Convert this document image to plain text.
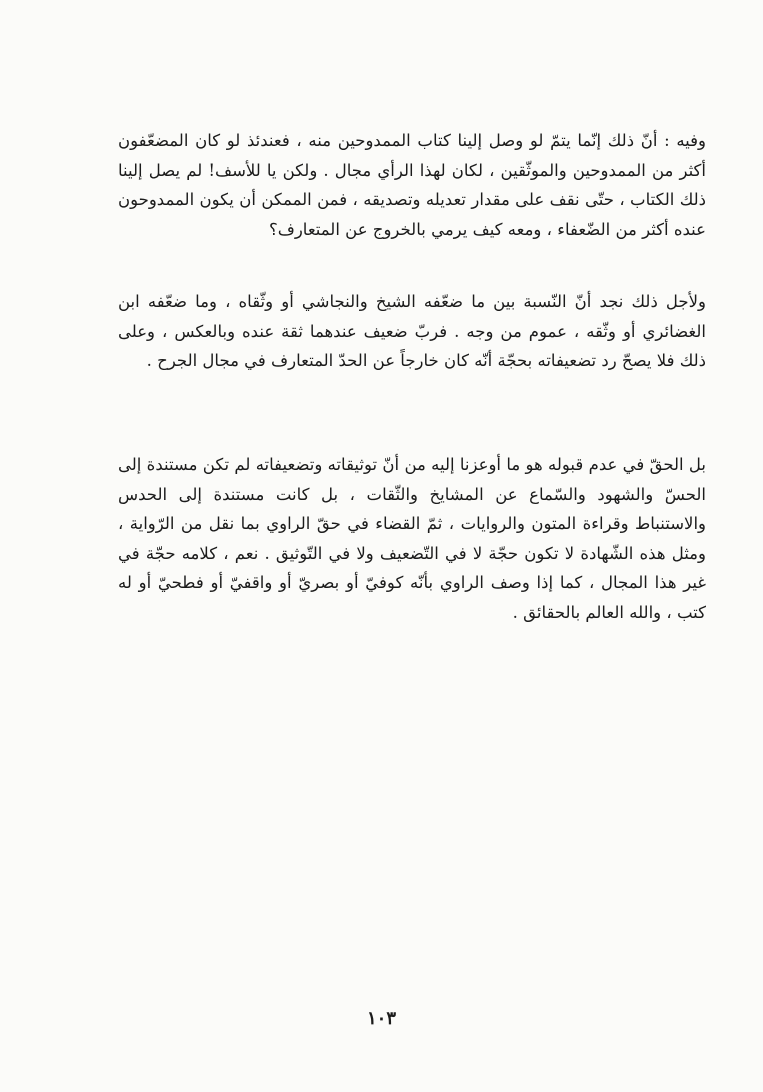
وفيه : أنّ ذلك إنّما يتمّ لو وصل إلينا كتاب الممدوحين منه ، فعندئذ لو كان المضعّفون أكثر من الممدوحين والموثّقين ، لكان لهذا الرأي مجال . ولكن يا للأسف! لم يصل إلينا ذلك الكتاب ، حتّى نقف على مقدار تعديله وتصديقه ، فمن الممكن أن يكون الممدوحون عنده أكثر من الضّعفاء ، ومعه كيف يرمي بالخروج عن المتعارف؟

ولأجل ذلك نجد أنّ النّسبة بين ما ضعّفه الشيخ والنجاشي أو وثّقاه ، وما ضعّفه ابن الغضائري أو وثّقه ، عموم من وجه . فربّ ضعيف عندهما ثقة عنده وبالعكس ، وعلى ذلك فلا يصحّ رد تضعيفاته بحجّة أنّه كان خارجاً عن الحدّ المتعارف في مجال الجرح .

بل الحقّ في عدم قبوله هو ما أوعزنا إليه من أنّ توثيقاته وتضعيفاته لم تكن مستندة إلى الحسّ والشهود والسّماع عن المشايخ والثّقات ، بل كانت مستندة إلى الحدس والاستنباط وقراءة المتون والروايات ، ثمّ القضاء في حقّ الراوي بما نقل من الرّواية ، ومثل هذه الشّهادة لا تكون حجّة لا في التّضعيف ولا في التّوثيق . نعم ، كلامه حجّة في غير هذا المجال ، كما إذا وصف الراوي بأنّه كوفيّ أو بصريّ أو واقفيّ أو فطحيّ أو له كتب ، والله العالم بالحقائق .

١٠٣
